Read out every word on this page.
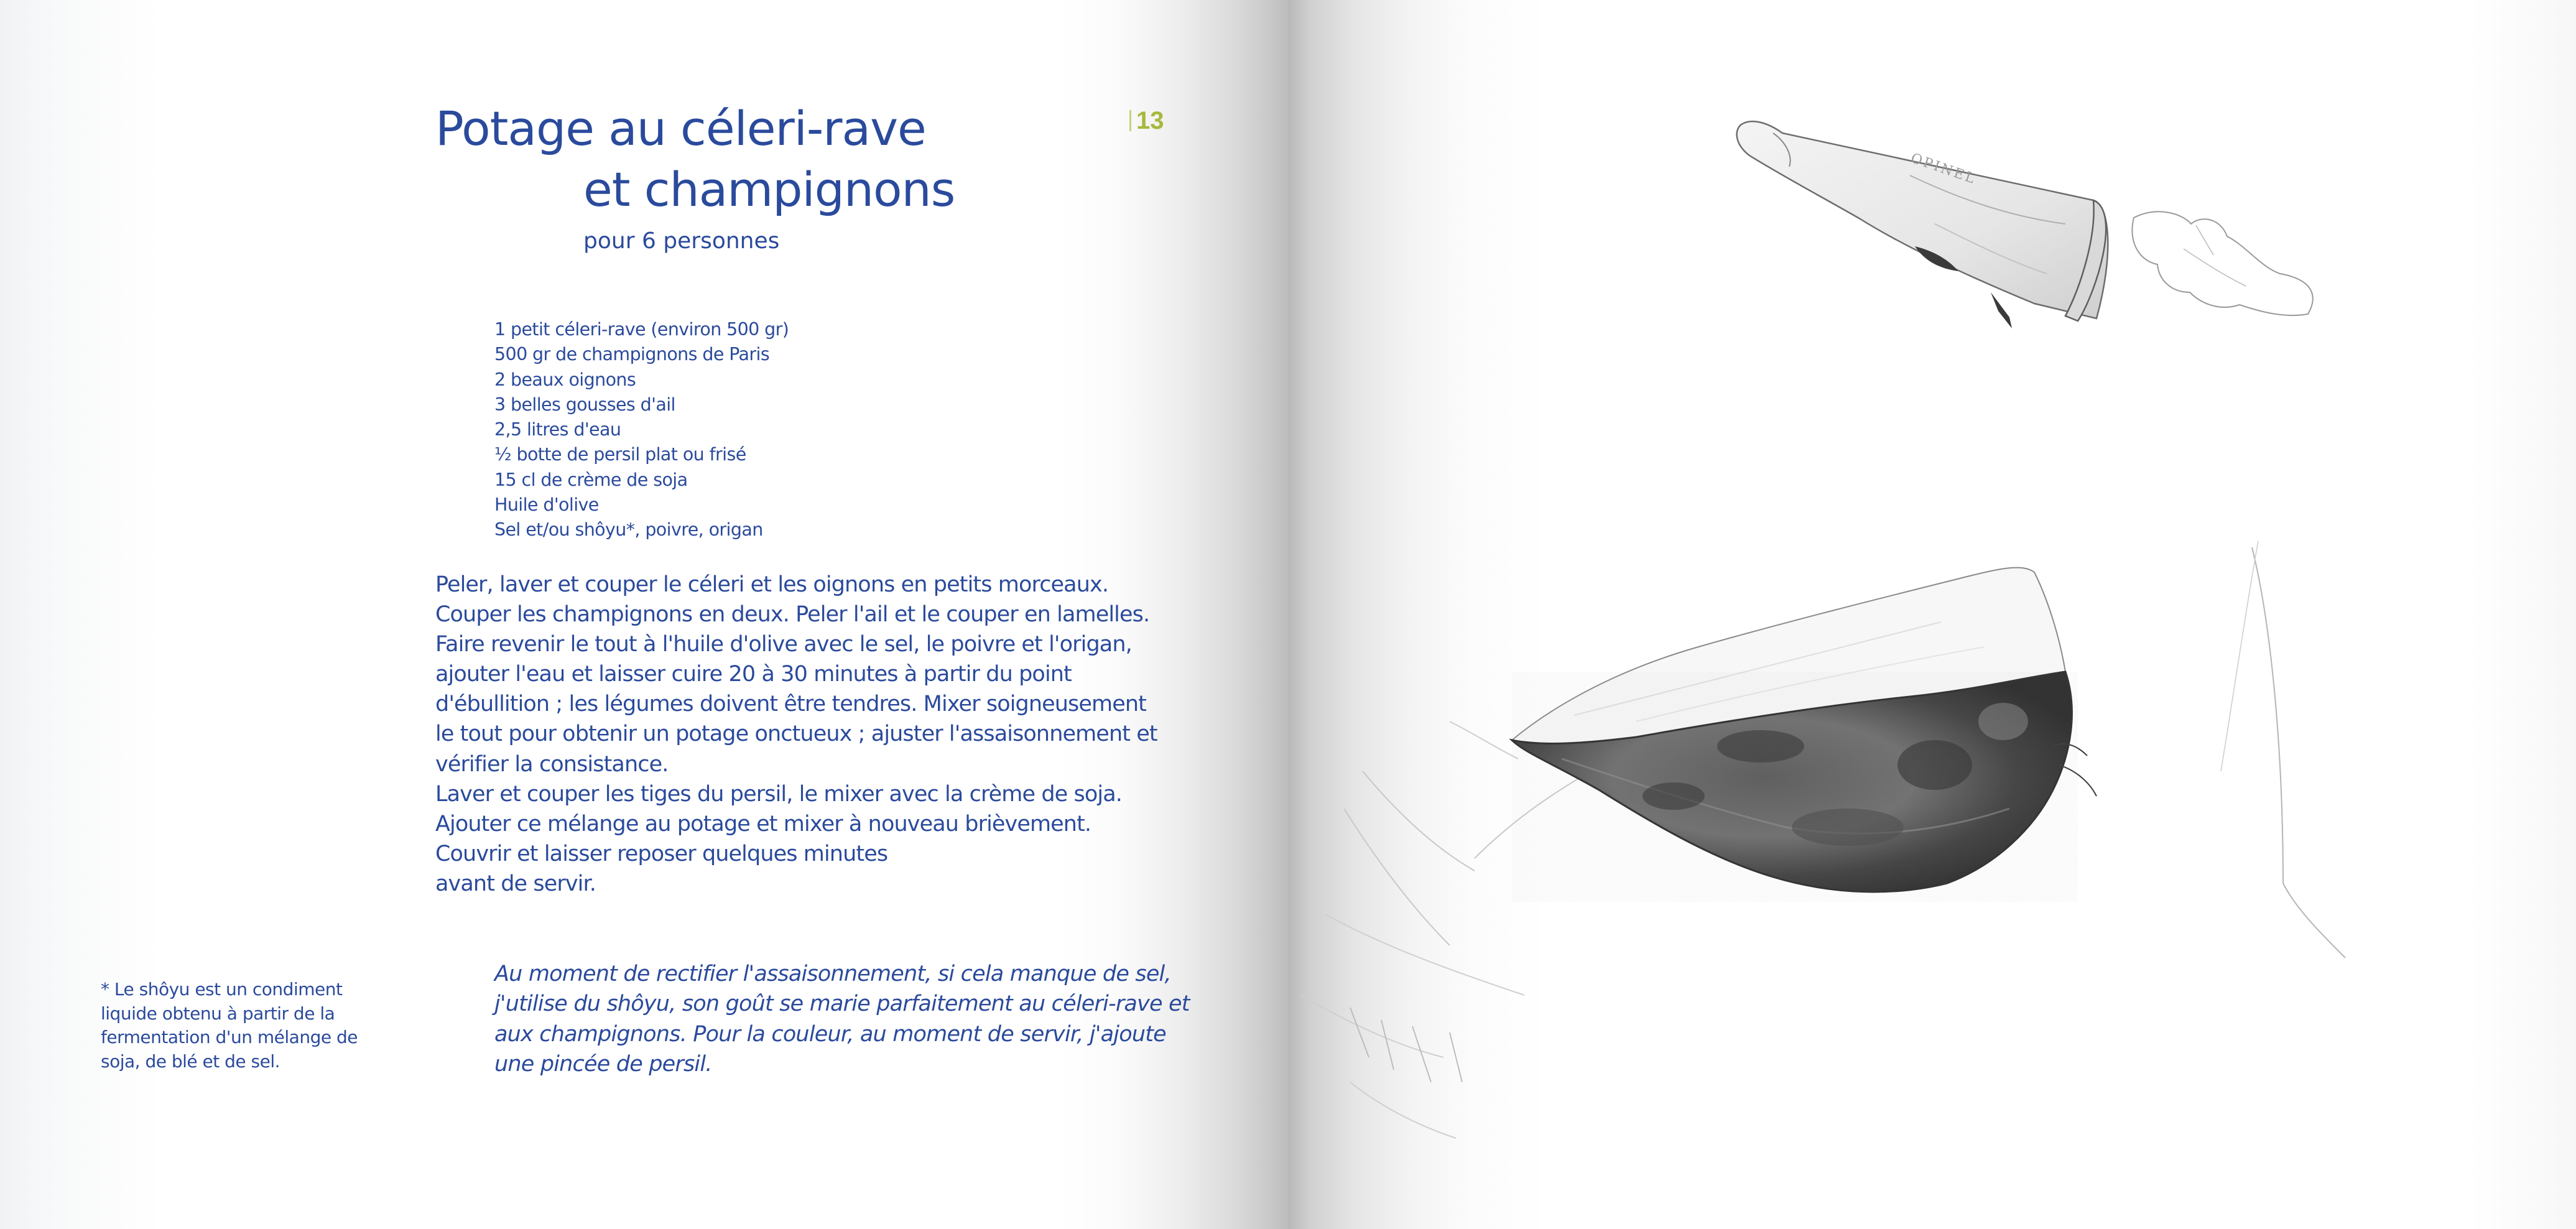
Potage au céleri-rave
et champignons
pour 6 personnes
13
1 petit céleri-rave (environ 500 gr)
500 gr de champignons de Paris
2 beaux oignons
3 belles gousses d'ail
2,5 litres d'eau
½ botte de persil plat ou frisé
15 cl de crème de soja
Huile d'olive
Sel et/ou shôyu*, poivre, origan
Peler, laver et couper le céleri et les oignons en petits morceaux.
Couper les champignons en deux. Peler l'ail et le couper en lamelles.
Faire revenir le tout à l'huile d'olive avec le sel, le poivre et l'origan,
ajouter l'eau et laisser cuire 20 à 30 minutes à partir du point
d'ébullition ; les légumes doivent être tendres. Mixer soigneusement
le tout pour obtenir un potage onctueux ; ajuster l'assaisonnement et
vérifier la consistance.
Laver et couper les tiges du persil, le mixer avec la crème de soja.
Ajouter ce mélange au potage et mixer à nouveau brièvement.
Couvrir et laisser reposer quelques minutes
avant de servir.
* Le shôyu est un condiment
liquide obtenu à partir de la
fermentation d'un mélange de
soja, de blé et de sel.
Au moment de rectifier l'assaisonnement, si cela manque de sel,
j'utilise du shôyu, son goût se marie parfaitement au céleri-rave et
aux champignons. Pour la couleur, au moment de servir, j'ajoute
une pincée de persil.
OPINEL
